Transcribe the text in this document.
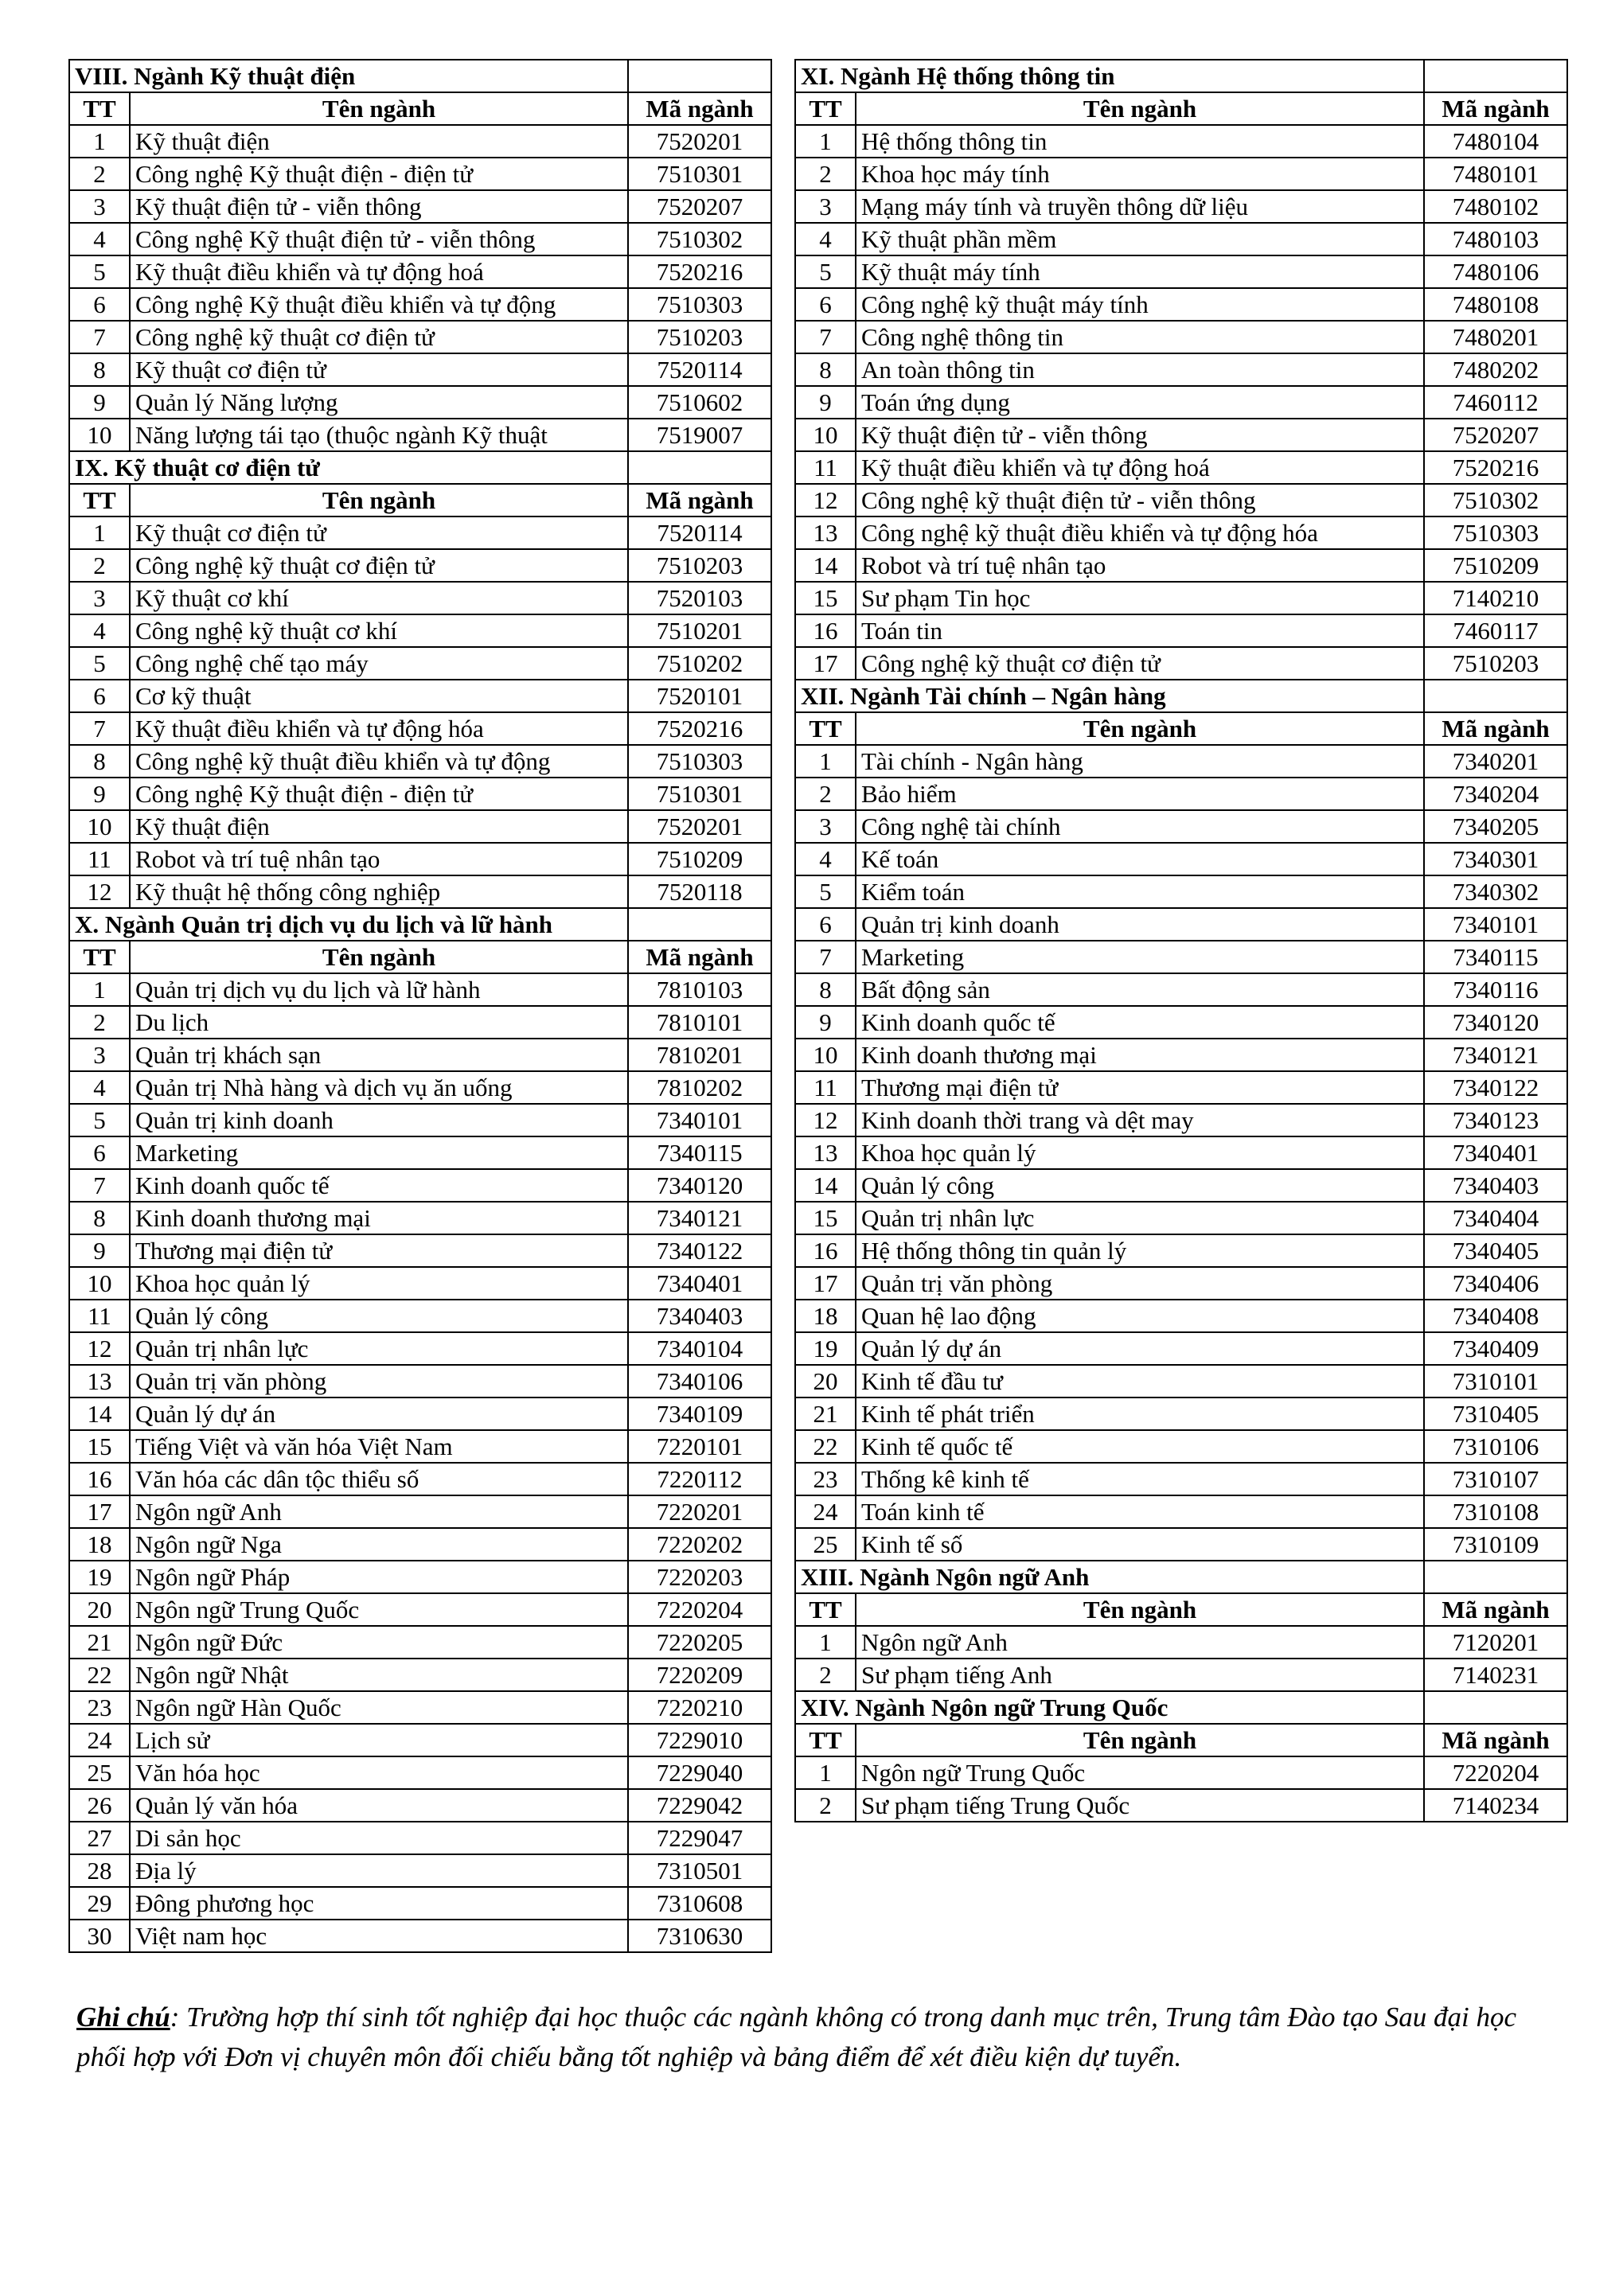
VIII. Ngành Kỹ thuật điện		
TT	Tên ngành	Mã ngành
1	Kỹ thuật điện	7520201
2	Công nghệ Kỹ thuật điện - điện tử	7510301
3	Kỹ thuật điện tử - viễn thông	7520207
4	Công nghệ Kỹ thuật điện tử - viễn thông	7510302
5	Kỹ thuật điều khiển và tự động hoá	7520216
6	Công nghệ Kỹ thuật điều khiển và tự động	7510303
7	Công nghệ kỹ thuật cơ điện tử	7510203
8	Kỹ thuật cơ điện tử	7520114
9	Quản lý Năng lượng	7510602
10	Năng lượng tái tạo (thuộc ngành Kỹ thuật	7519007
IX. Kỹ thuật cơ điện tử		
TT	Tên ngành	Mã ngành
1	Kỹ thuật cơ điện tử	7520114
2	Công nghệ kỹ thuật cơ điện tử	7510203
3	Kỹ thuật cơ khí	7520103
4	Công nghệ kỹ thuật cơ khí	7510201
5	Công nghệ chế tạo máy	7510202
6	Cơ kỹ thuật	7520101
7	Kỹ thuật điều khiển và tự động hóa	7520216
8	Công nghệ kỹ thuật điều khiển và tự động	7510303
9	Công nghệ Kỹ thuật điện - điện tử	7510301
10	Kỹ thuật điện	7520201
11	Robot và trí tuệ nhân tạo	7510209
12	Kỹ thuật hệ thống công nghiệp	7520118
X. Ngành Quản trị dịch vụ du lịch và lữ hành		
TT	Tên ngành	Mã ngành
1	Quản trị dịch vụ du lịch và lữ hành	7810103
2	Du lịch	7810101
3	Quản trị khách sạn	7810201
4	Quản trị Nhà hàng và dịch vụ ăn uống	7810202
5	Quản trị kinh doanh	7340101
6	Marketing	7340115
7	Kinh doanh quốc tế	7340120
8	Kinh doanh thương mại	7340121
9	Thương mại điện tử	7340122
10	Khoa học quản lý	7340401
11	Quản lý công	7340403
12	Quản trị nhân lực	7340104
13	Quản trị văn phòng	7340106
14	Quản lý dự án	7340109
15	Tiếng Việt và văn hóa Việt Nam	7220101
16	Văn hóa các dân tộc thiểu số	7220112
17	Ngôn ngữ Anh	7220201
18	Ngôn ngữ Nga	7220202
19	Ngôn ngữ Pháp	7220203
20	Ngôn ngữ Trung Quốc	7220204
21	Ngôn ngữ Đức	7220205
22	Ngôn ngữ Nhật	7220209
23	Ngôn ngữ Hàn Quốc	7220210
24	Lịch sử	7229010
25	Văn hóa học	7229040
26	Quản lý văn hóa	7229042
27	Di sản học	7229047
28	Địa lý	7310501
29	Đông phương học	7310608
30	Việt nam học	7310630
XI. Ngành Hệ thống thông tin		
TT	Tên ngành	Mã ngành
1	Hệ thống thông tin	7480104
2	Khoa học máy tính	7480101
3	Mạng máy tính và truyền thông dữ liệu	7480102
4	Kỹ thuật phần mềm	7480103
5	Kỹ thuật máy tính	7480106
6	Công nghệ kỹ thuật máy tính	7480108
7	Công nghệ thông tin	7480201
8	An toàn thông tin	7480202
9	Toán ứng dụng	7460112
10	Kỹ thuật điện tử - viễn thông	7520207
11	Kỹ thuật điều khiển và tự động hoá	7520216
12	Công nghệ kỹ thuật điện tử - viễn thông	7510302
13	Công nghệ kỹ thuật điều khiển và tự động hóa	7510303
14	Robot và trí tuệ nhân tạo	7510209
15	Sư phạm Tin học	7140210
16	Toán tin	7460117
17	Công nghệ kỹ thuật cơ điện tử	7510203
XII. Ngành Tài chính – Ngân hàng		
TT	Tên ngành	Mã ngành
1	Tài chính - Ngân hàng	7340201
2	Bảo hiểm	7340204
3	Công nghệ tài chính	7340205
4	Kế toán	7340301
5	Kiểm toán	7340302
6	Quản trị kinh doanh	7340101
7	Marketing	7340115
8	Bất động sản	7340116
9	Kinh doanh quốc tế	7340120
10	Kinh doanh thương mại	7340121
11	Thương mại điện tử	7340122
12	Kinh doanh thời trang và dệt may	7340123
13	Khoa học quản lý	7340401
14	Quản lý công	7340403
15	Quản trị nhân lực	7340404
16	Hệ thống thông tin quản lý	7340405
17	Quản trị văn phòng	7340406
18	Quan hệ lao động	7340408
19	Quản lý dự án	7340409
20	Kinh tế đầu tư	7310101
21	Kinh tế phát triển	7310405
22	Kinh tế quốc tế	7310106
23	Thống kê kinh tế	7310107
24	Toán kinh tế	7310108
25	Kinh tế số	7310109
XIII. Ngành Ngôn ngữ Anh		
TT	Tên ngành	Mã ngành
1	Ngôn ngữ Anh	7120201
2	Sư phạm tiếng Anh	7140231
XIV. Ngành Ngôn ngữ Trung Quốc		
TT	Tên ngành	Mã ngành
1	Ngôn ngữ Trung Quốc	7220204
2	Sư phạm tiếng Trung Quốc	7140234
Ghi chú: Trường hợp thí sinh tốt nghiệp đại học thuộc các ngành không có trong danh mục trên, Trung tâm Đào tạo Sau đại học phối hợp với Đơn vị chuyên môn đối chiếu bằng tốt nghiệp và bảng điểm để xét điều kiện dự tuyển.
